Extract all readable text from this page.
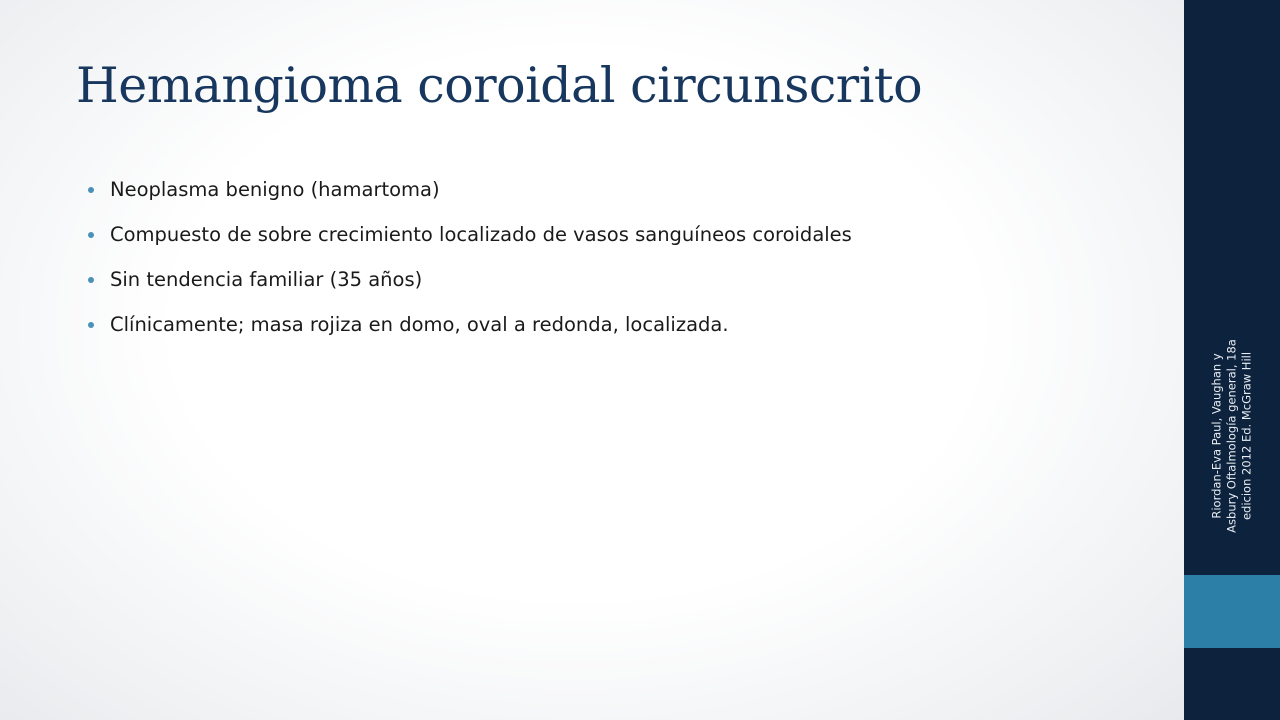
Hemangioma coroidal circunscrito
Neoplasma benigno (hamartoma)
Compuesto de sobre crecimiento localizado de vasos sanguíneos coroidales
Sin tendencia familiar (35 años)
Clínicamente; masa rojiza en domo, oval a redonda, localizada.
Riordan-Eva Paul, Vaughan y Asbury Oftalmología general, 18a edicion 2012 Ed. McGraw Hill
